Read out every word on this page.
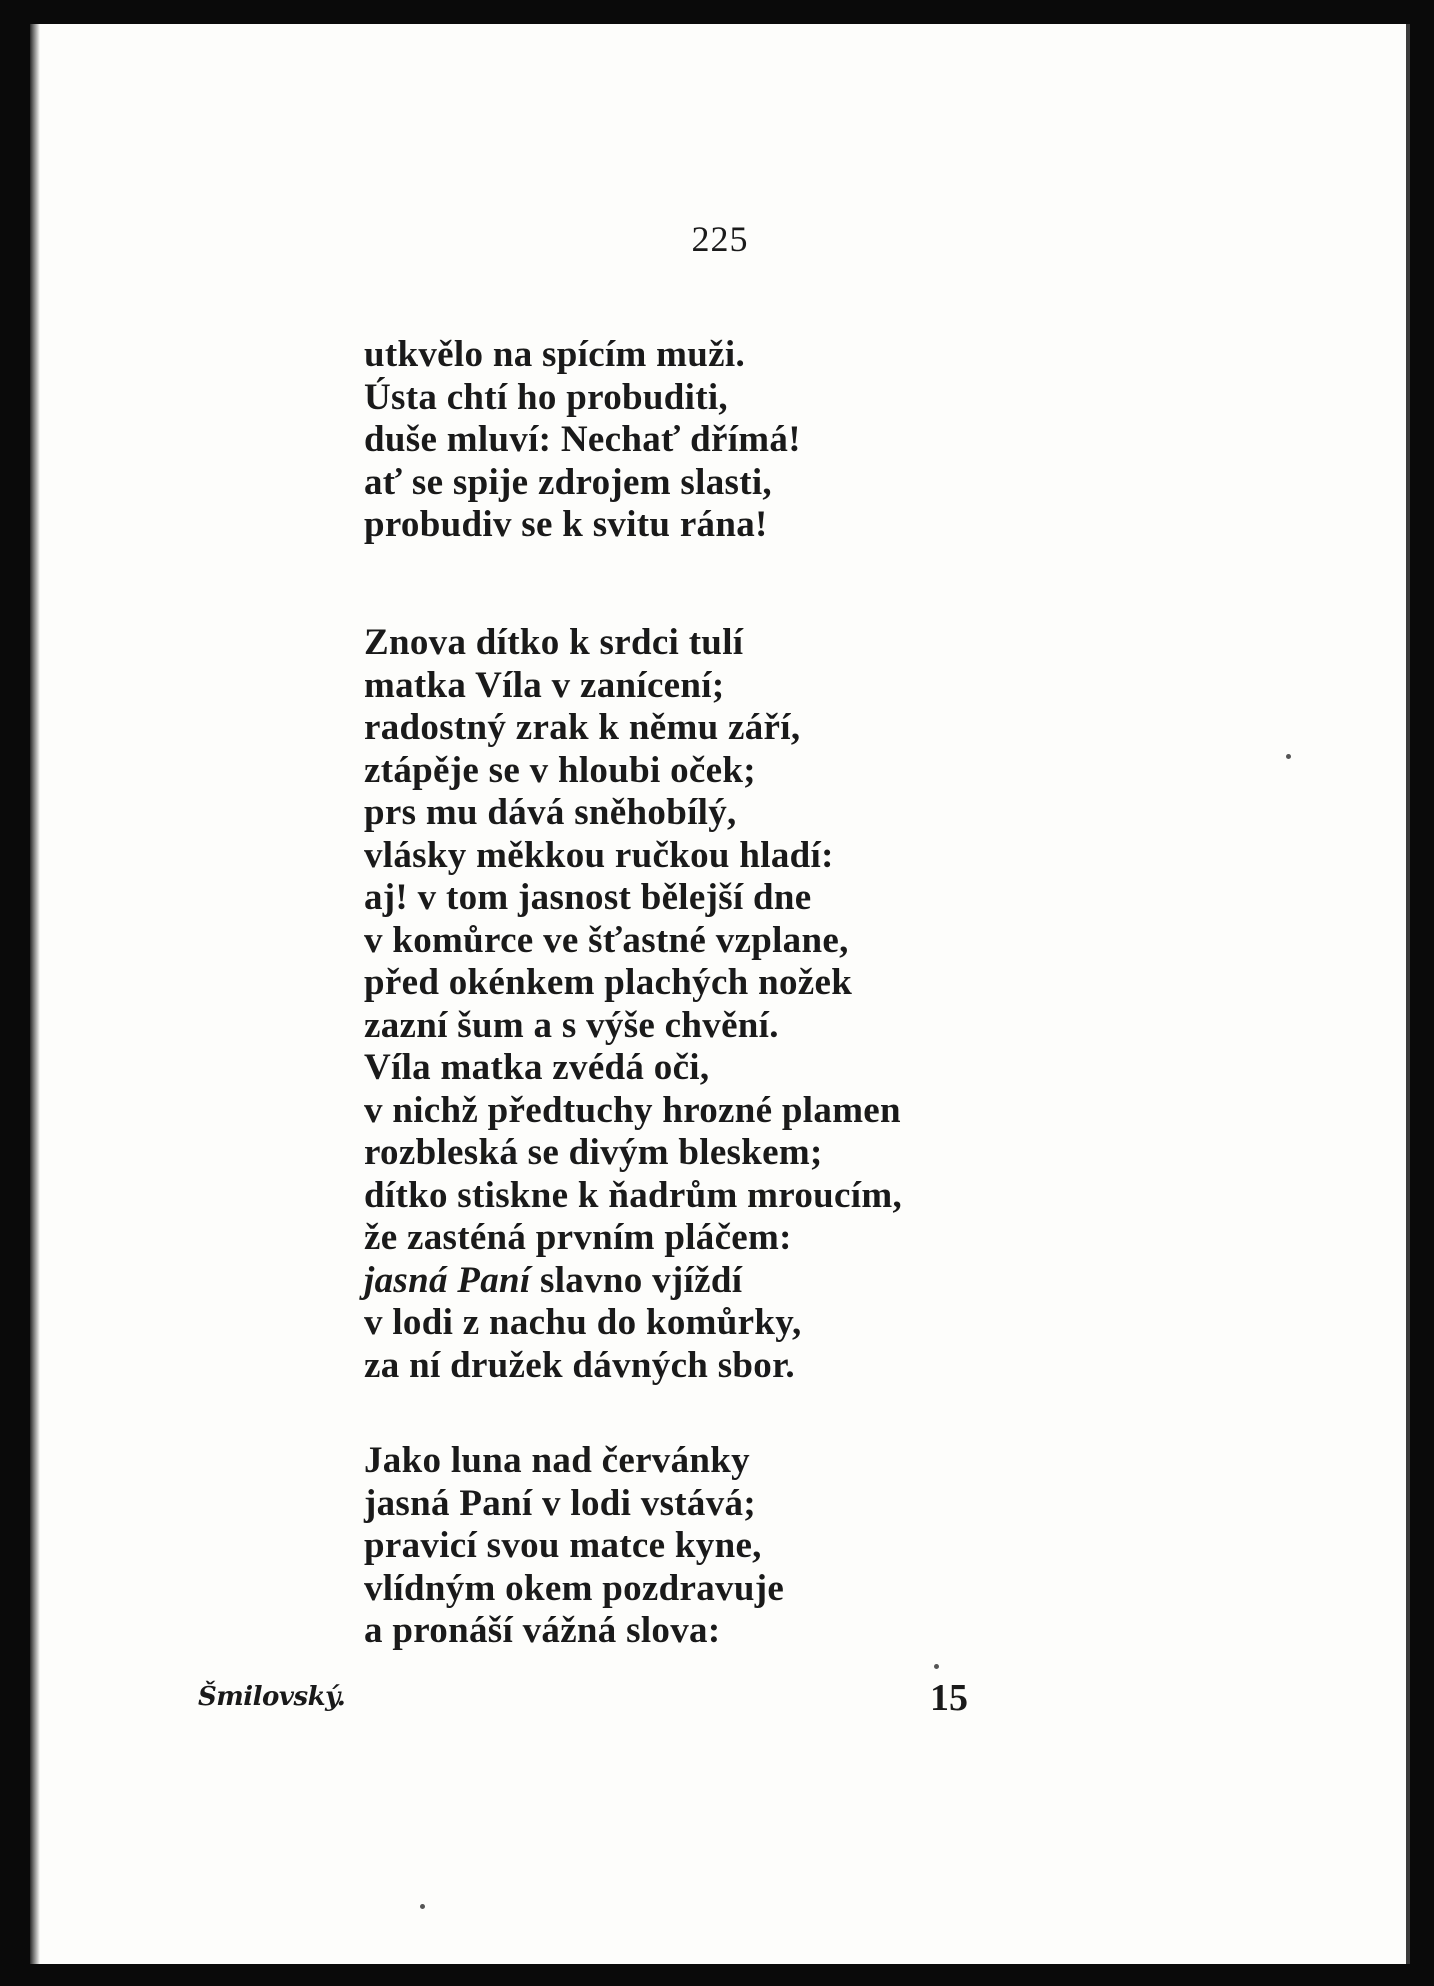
225
utkvělo na spícím muži.
Ústa chtí ho probuditi,
duše mluví: Nechať dřímá!
ať se spije zdrojem slasti,
probudiv se k svitu rána!
Znova dítko k srdci tulí
matka Víla v zanícení;
radostný zrak k němu září,
ztápěje se v hloubi oček;
prs mu dává sněhobílý,
vlásky měkkou ručkou hladí:
aj! v tom jasnost bělejší dne
v komůrce ve šťastné vzplane,
před okénkem plachých nožek
zazní šum a s výše chvění.
Víla matka zvédá oči,
v nichž předtuchy hrozné plamen
rozbleská se divým bleskem;
dítko stiskne k ňadrům mroucím,
že zasténá prvním pláčem:
jasná Paní slavno vjíždí
v lodi z nachu do komůrky,
za ní družek dávných sbor.
Jako luna nad červánky
jasná Paní v lodi vstává;
pravicí svou matce kyne,
vlídným okem pozdravuje
a pronáší vážná slova:
Šmilovský.	15
